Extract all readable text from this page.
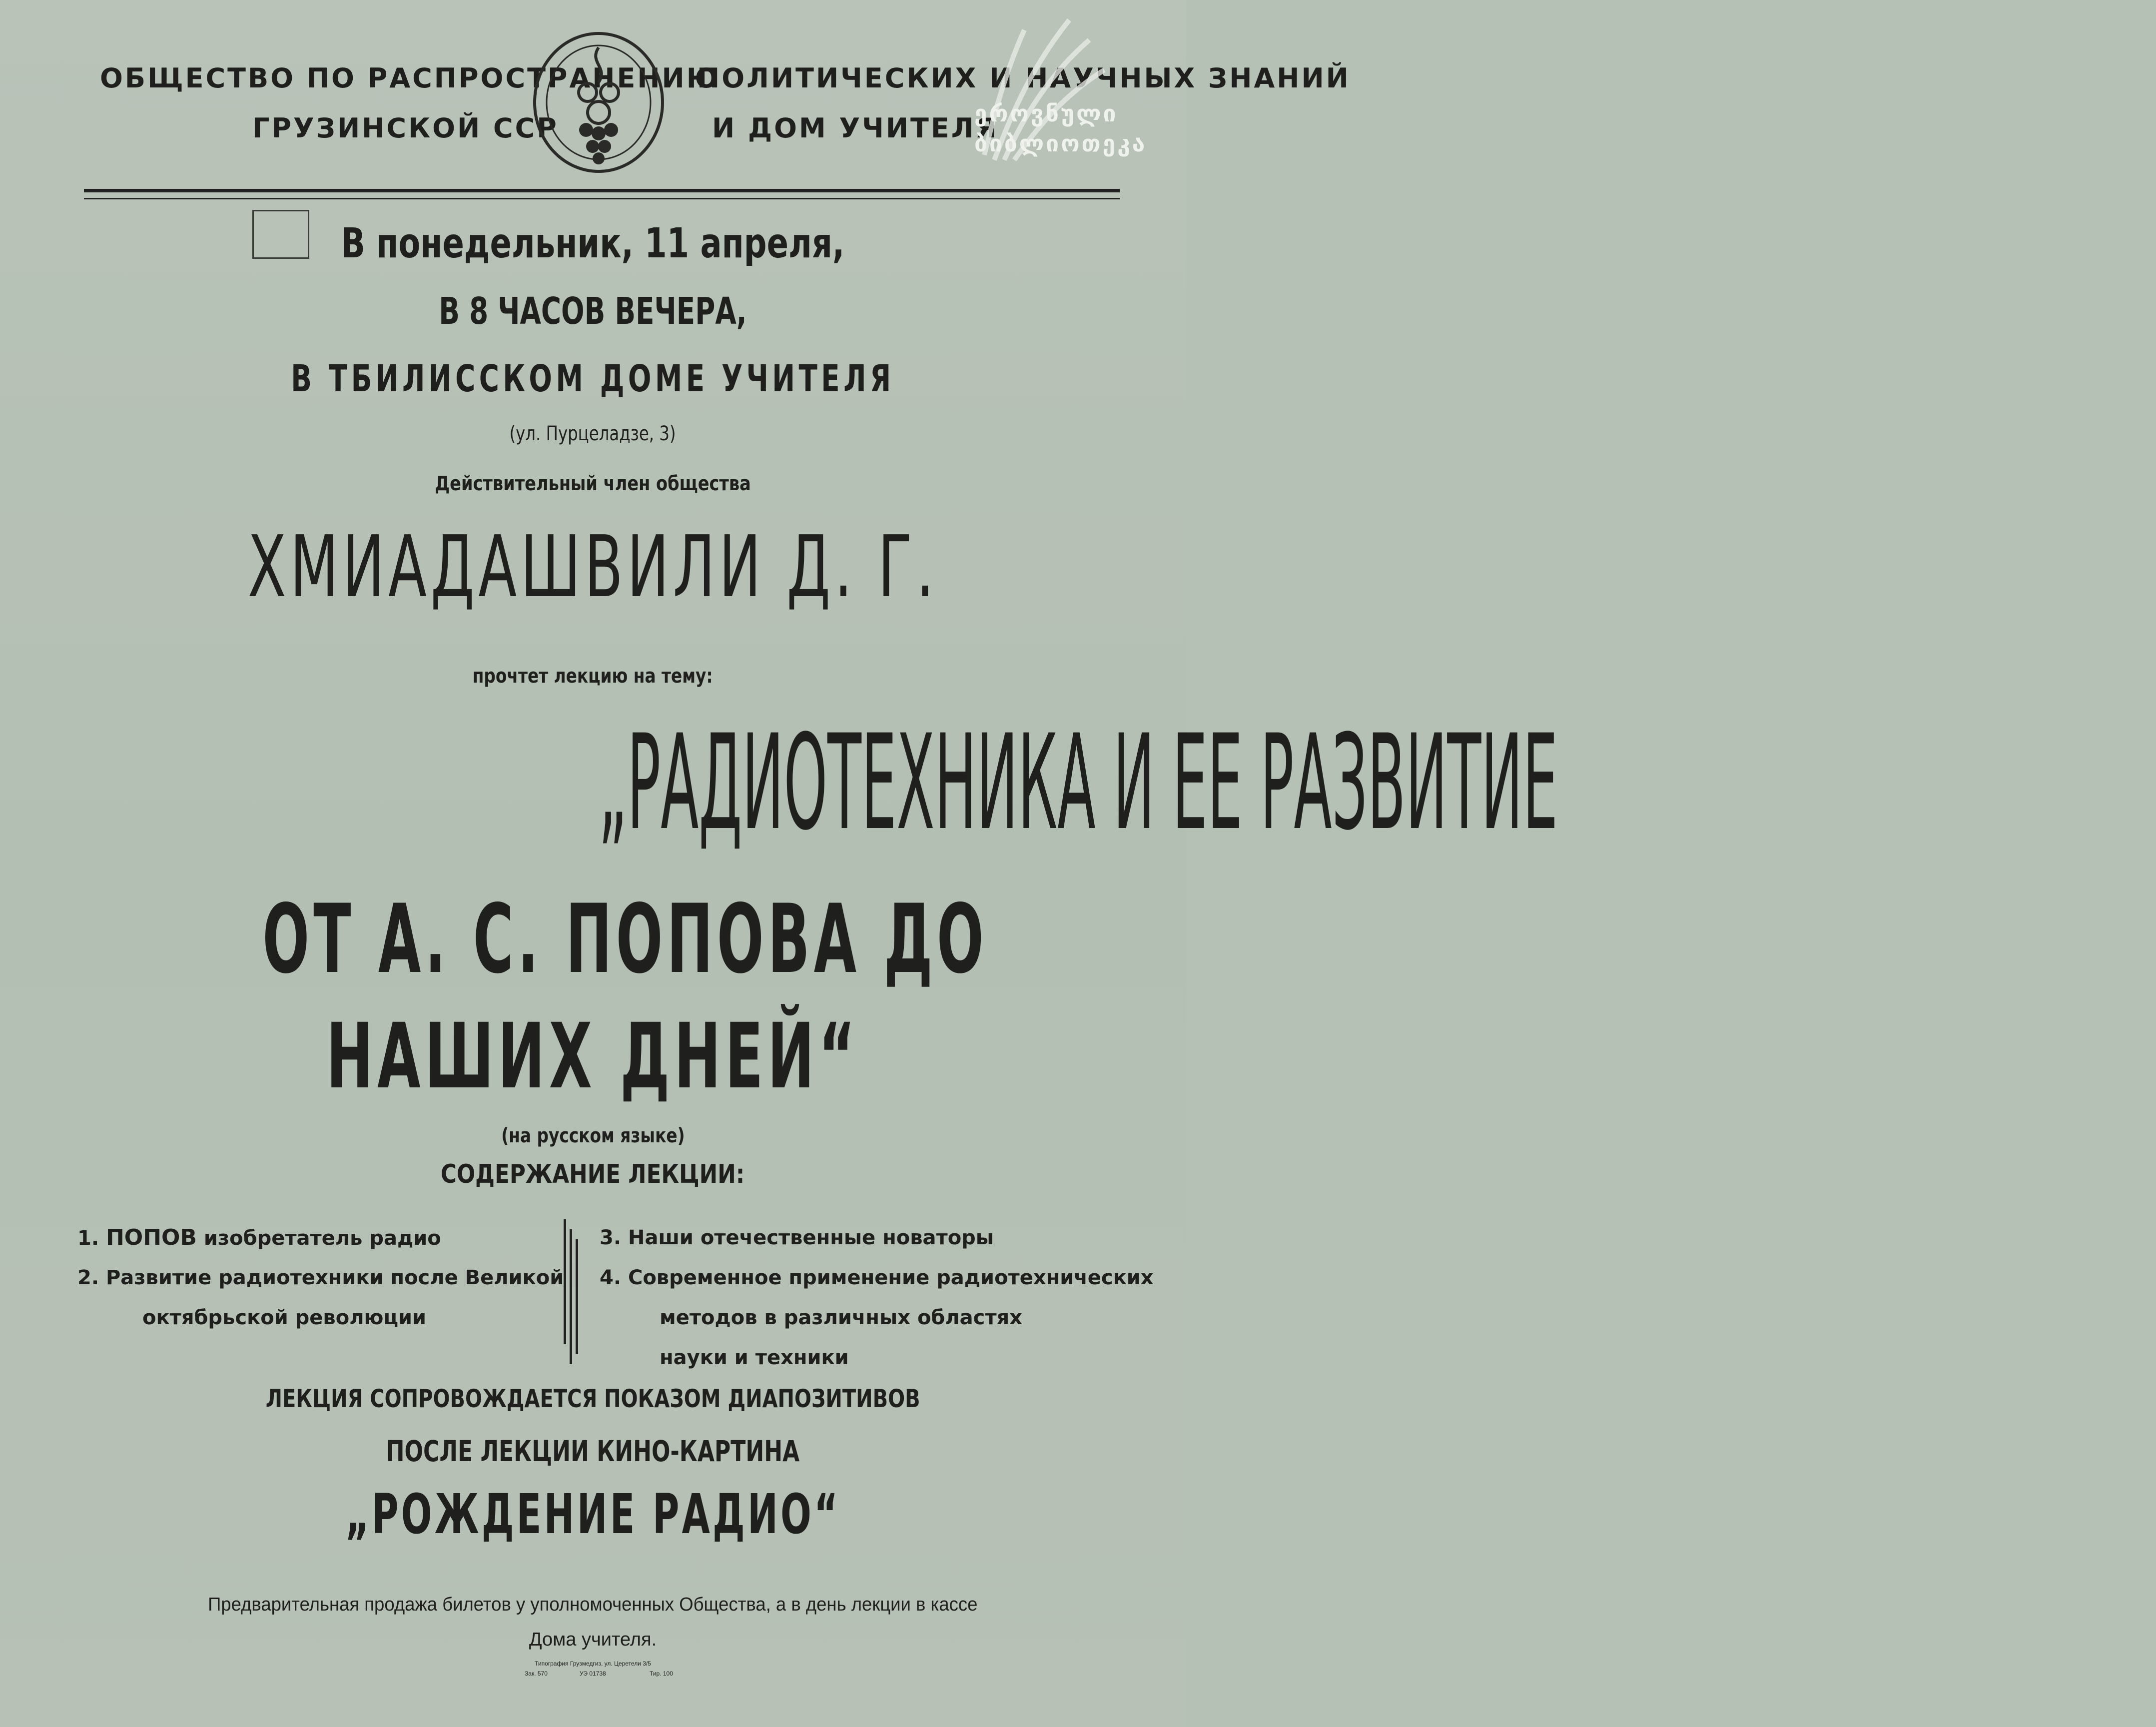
ОБЩЕСТВО ПО РАСПРОСТРАНЕНИЮ
ГРУЗИНСКОЙ ССР
ПОЛИТИЧЕСКИХ И НАУЧНЫХ ЗНАНИЙ
И ДОМ УЧИТЕЛЯ
ეროვნული
ბიბლიოთეკა
В понедельник, 11 апреля,
В 8 ЧАСОВ ВЕЧЕРА,
В ТБИЛИССКОМ ДОМЕ УЧИТЕЛЯ
(ул. Пурцеладзе, 3)
Действительный член общества
ХМИАДАШВИЛИ Д. Г.
прочтет лекцию на тему:
„РАДИОТЕХНИКА И ЕЕ РАЗВИТИЕ
ОТ А. С. ПОПОВА ДО
НАШИХ ДНЕЙ“
(на русском языке)
СОДЕРЖАНИЕ ЛЕКЦИИ:
1. ПОПОВ изобретатель радио
2. Развитие радиотехники после Великой
октябрьской революции
3. Наши отечественные новаторы
4. Современное применение радиотехнических
методов в различных областях
науки и техники
ЛЕКЦИЯ СОПРОВОЖДАЕТСЯ ПОКАЗОМ ДИАПОЗИТИВОВ
ПОСЛЕ ЛЕКЦИИ КИНО-КАРТИНА
„РОЖДЕНИЕ РАДИО“
Предварительная продажа билетов у уполномоченных Общества, а в день лекции в кассе
Дома учителя.
Типография Грузмедгиз, ул. Церетели 3/5
Зак. 570	УЭ 01738	Тир. 100
